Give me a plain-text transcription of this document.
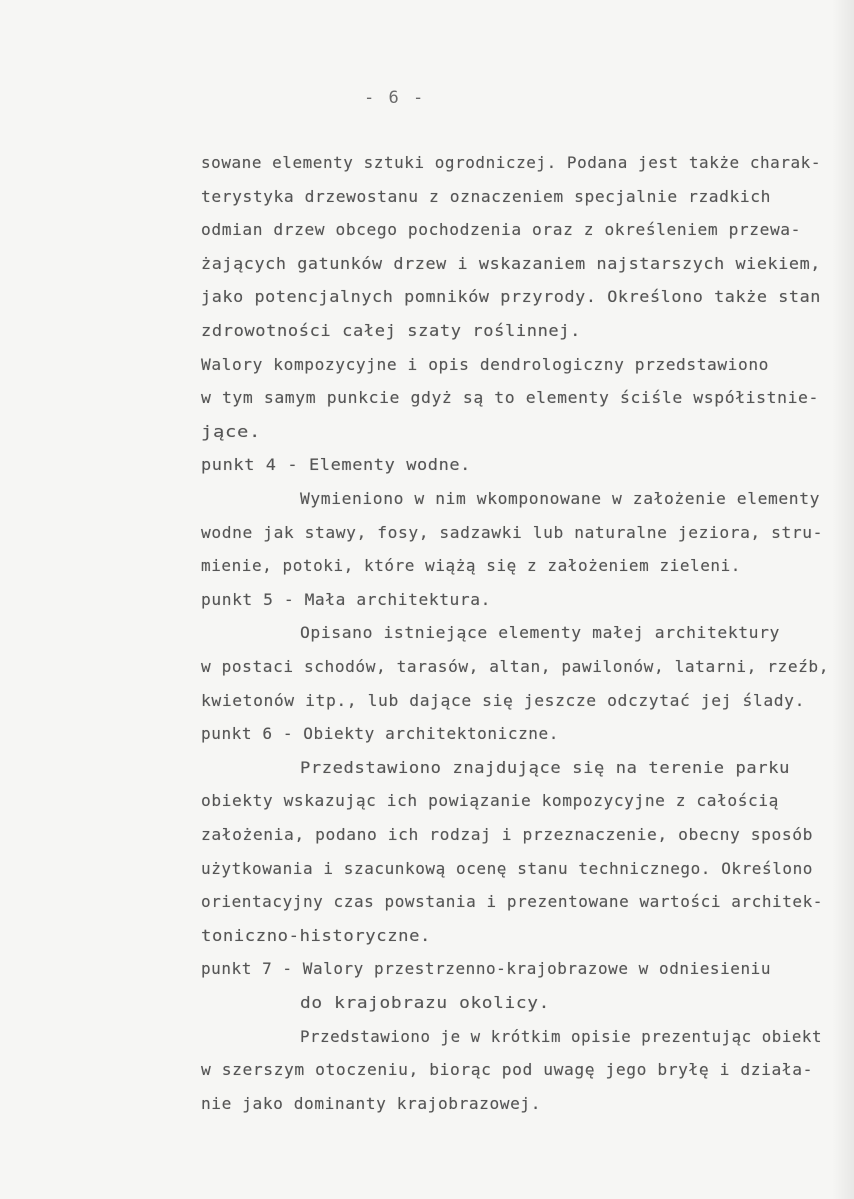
- 6 -
sowane elementy sztuki ogrodniczej. Podana jest także charak-
terystyka drzewostanu z oznaczeniem specjalnie rzadkich
odmian drzew obcego pochodzenia oraz z określeniem przewa-
żających gatunków drzew i wskazaniem najstarszych wiekiem,
jako potencjalnych pomników przyrody. Określono także stan
zdrowotności całej szaty roślinnej.
Walory kompozycyjne i opis dendrologiczny przedstawiono
w tym samym punkcie gdyż są to elementy ściśle współistnie-
jące.
punkt 4 - Elementy wodne.
Wymieniono w nim wkomponowane w założenie elementy
wodne jak stawy, fosy, sadzawki lub naturalne jeziora, stru-
mienie, potoki, które wiążą się z założeniem zieleni.
punkt 5 - Mała architektura.
Opisano istniejące elementy małej architektury
w postaci schodów, tarasów, altan, pawilonów, latarni, rzeźb,
kwietonów itp., lub dające się jeszcze odczytać jej ślady.
punkt 6 - Obiekty architektoniczne.
Przedstawiono znajdujące się na terenie parku
obiekty wskazując ich powiązanie kompozycyjne z całością
założenia, podano ich rodzaj i przeznaczenie, obecny sposób
użytkowania i szacunkową ocenę stanu technicznego. Określono
orientacyjny czas powstania i prezentowane wartości architek-
toniczno-historyczne.
punkt 7 - Walory przestrzenno-krajobrazowe w odniesieniu
do krajobrazu okolicy.
Przedstawiono je w krótkim opisie prezentując obiekt
w szerszym otoczeniu, biorąc pod uwagę jego bryłę i działa-
nie jako dominanty krajobrazowej.
